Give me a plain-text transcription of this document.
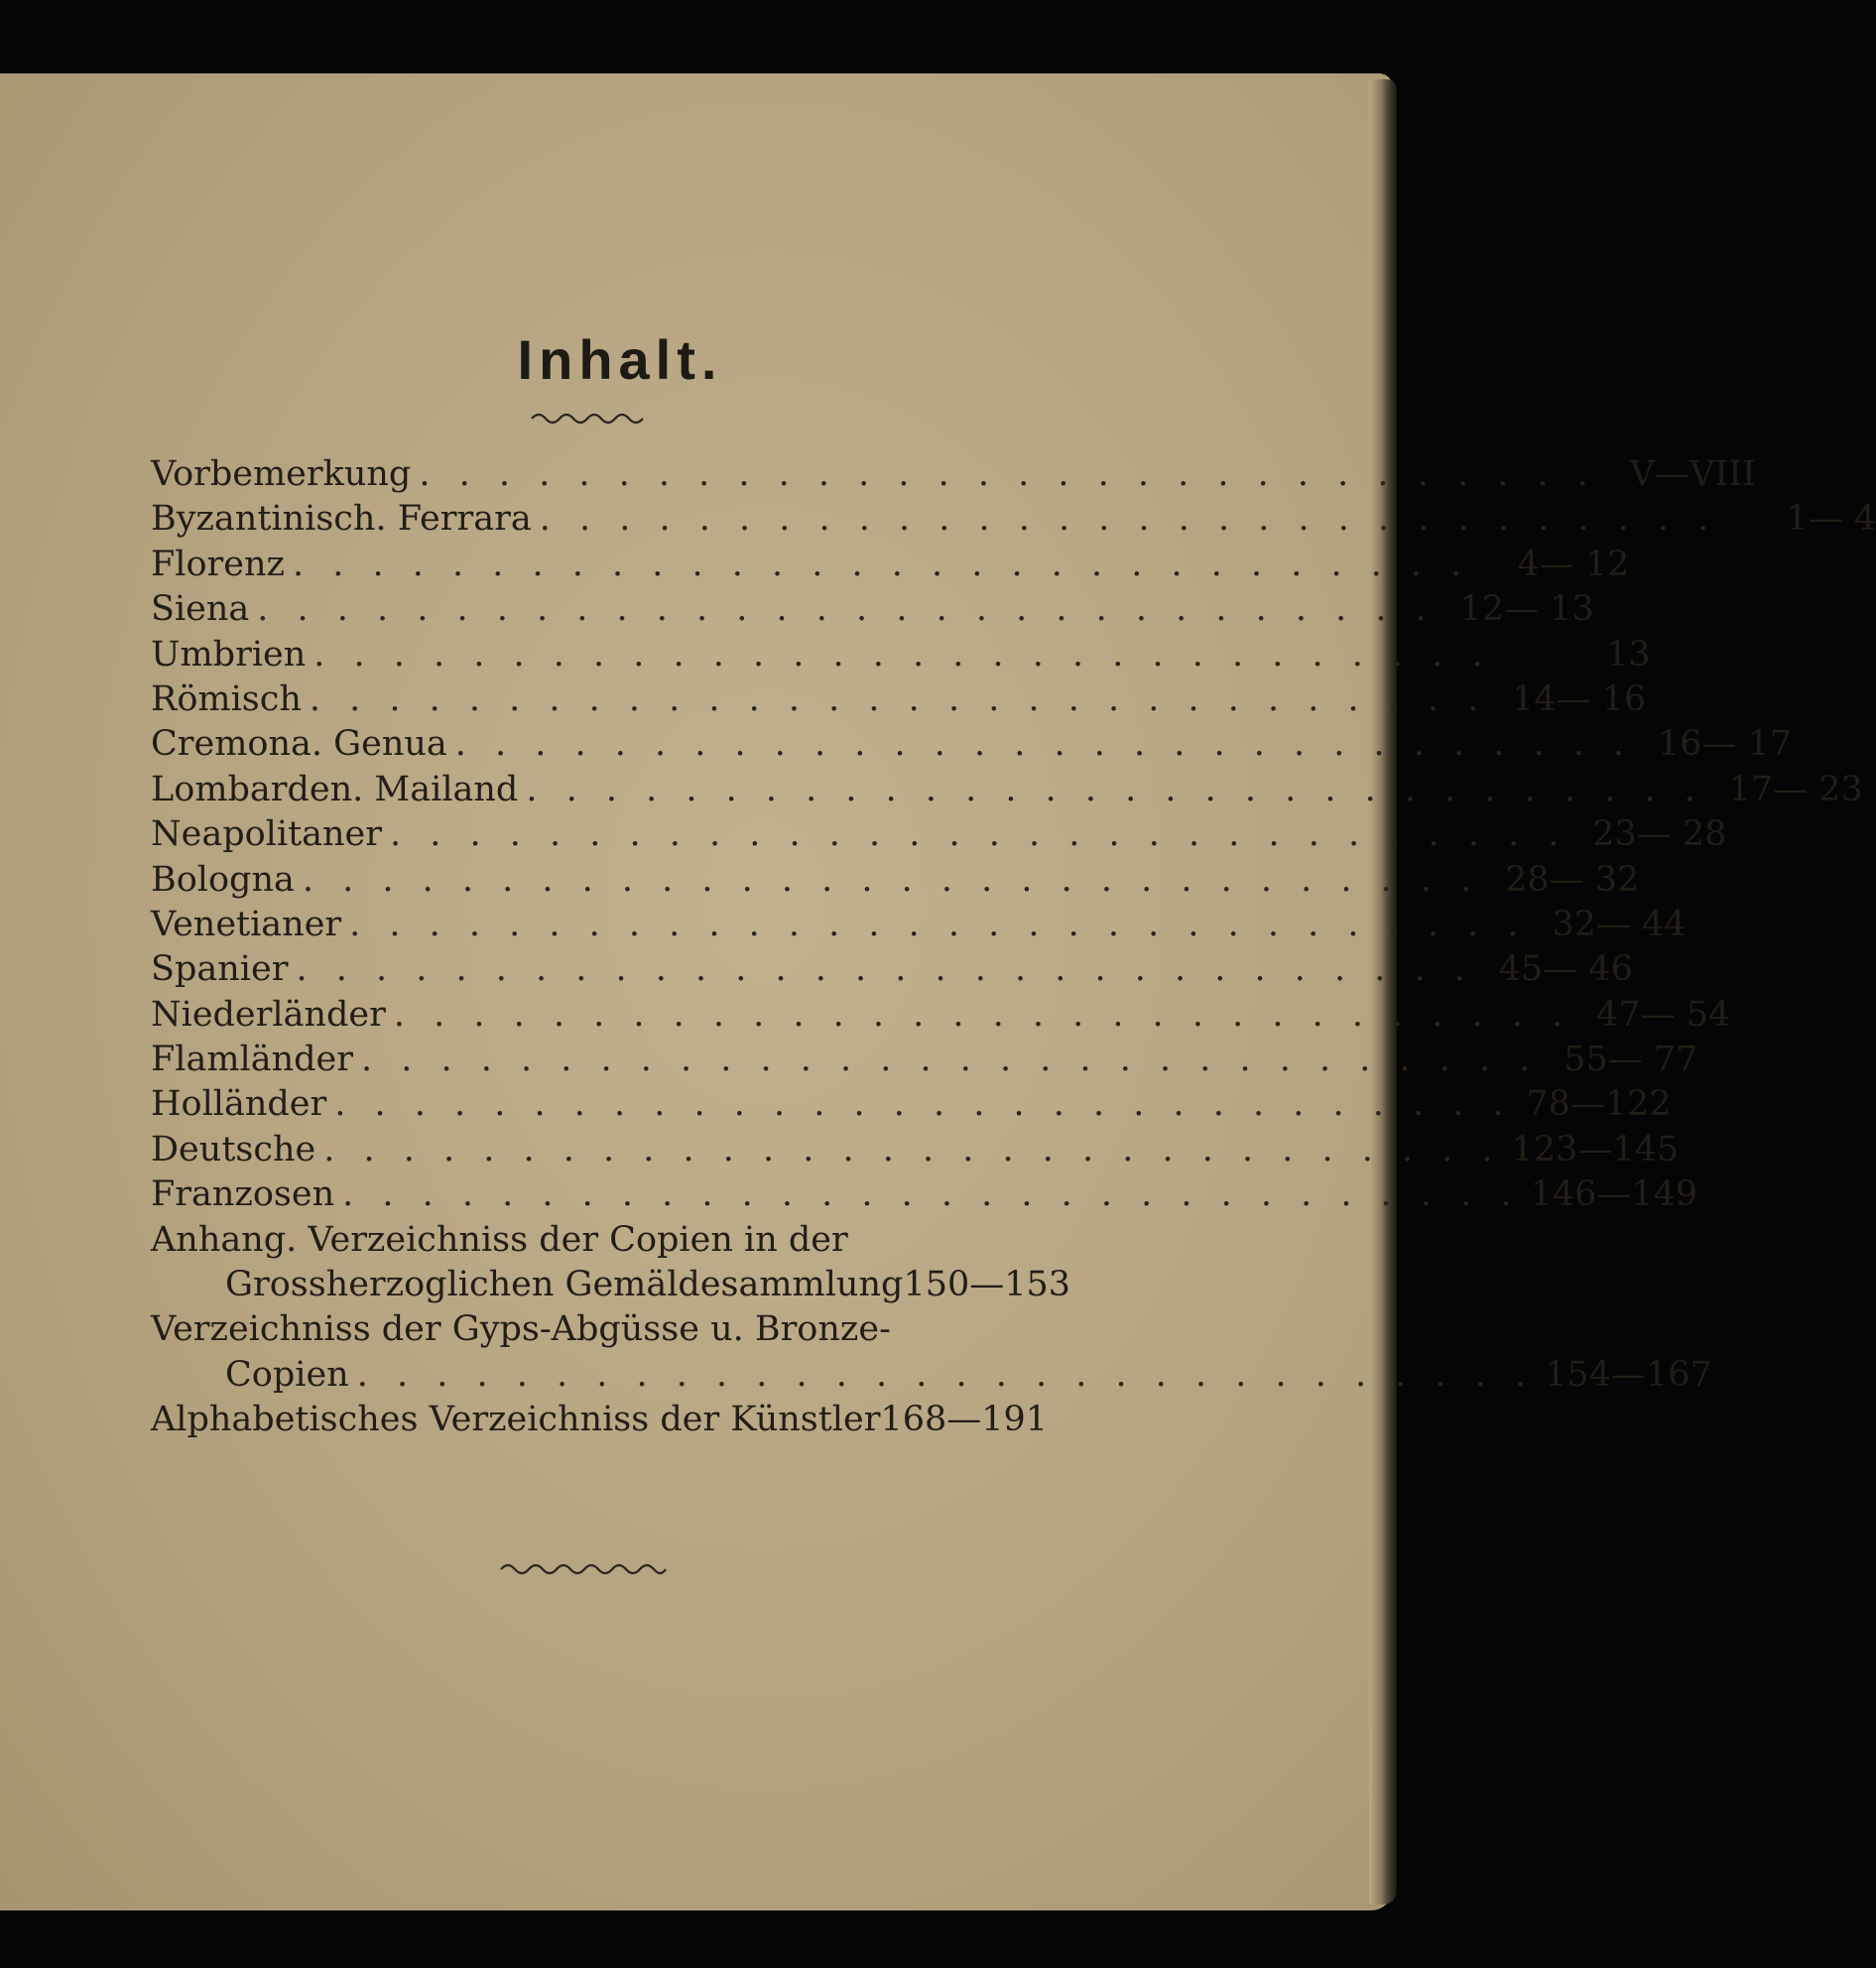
Inhalt.
Vorbemerkung . . . . . . . . . . . . . . . . . . . . . . . . . . . . . . V—VIII
Byzantinisch. Ferrara . . . . . . . . . . . . . . . . . . . . . . . . . . . . . .	1— 4
Florenz . . . . . . . . . . . . . . . . . . . . . . . . . . . . . .	4— 12
Siena . . . . . . . . . . . . . . . . . . . . . . . . . . . . . . 12— 13
Umbrien . . . . . . . . . . . . . . . . . . . . . . . . . . . . . .	13
Römisch . . . . . . . . . . . . . . . . . . . . . . . . . . . . . . 14— 16
Cremona. Genua . . . . . . . . . . . . . . . . . . . . . . . . . . . . . . 16— 17
Lombarden. Mailand . . . . . . . . . . . . . . . . . . . . . . . . . . . . . . 17— 23
Neapolitaner . . . . . . . . . . . . . . . . . . . . . . . . . . . . . . 23— 28
Bologna . . . . . . . . . . . . . . . . . . . . . . . . . . . . . . 28— 32
Venetianer . . . . . . . . . . . . . . . . . . . . . . . . . . . . . . 32— 44
Spanier . . . . . . . . . . . . . . . . . . . . . . . . . . . . . . 45— 46
Niederländer . . . . . . . . . . . . . . . . . . . . . . . . . . . . . . 47— 54
Flamländer . . . . . . . . . . . . . . . . . . . . . . . . . . . . . . 55— 77
Holländer . . . . . . . . . . . . . . . . . . . . . . . . . . . . . . 78—122
Deutsche . . . . . . . . . . . . . . . . . . . . . . . . . . . . . . 123—145
Franzosen . . . . . . . . . . . . . . . . . . . . . . . . . . . . . . 146—149
Anhang. Verzeichniss der Copien in der
Grossherzoglichen Gemäldesammlung 150—153
Verzeichniss der Gyps-Abgüsse u. Bronze-
Copien . . . . . . . . . . . . . . . . . . . . . . . . . . . . . . 154—167
Alphabetisches Verzeichniss der Künstler 168—191
